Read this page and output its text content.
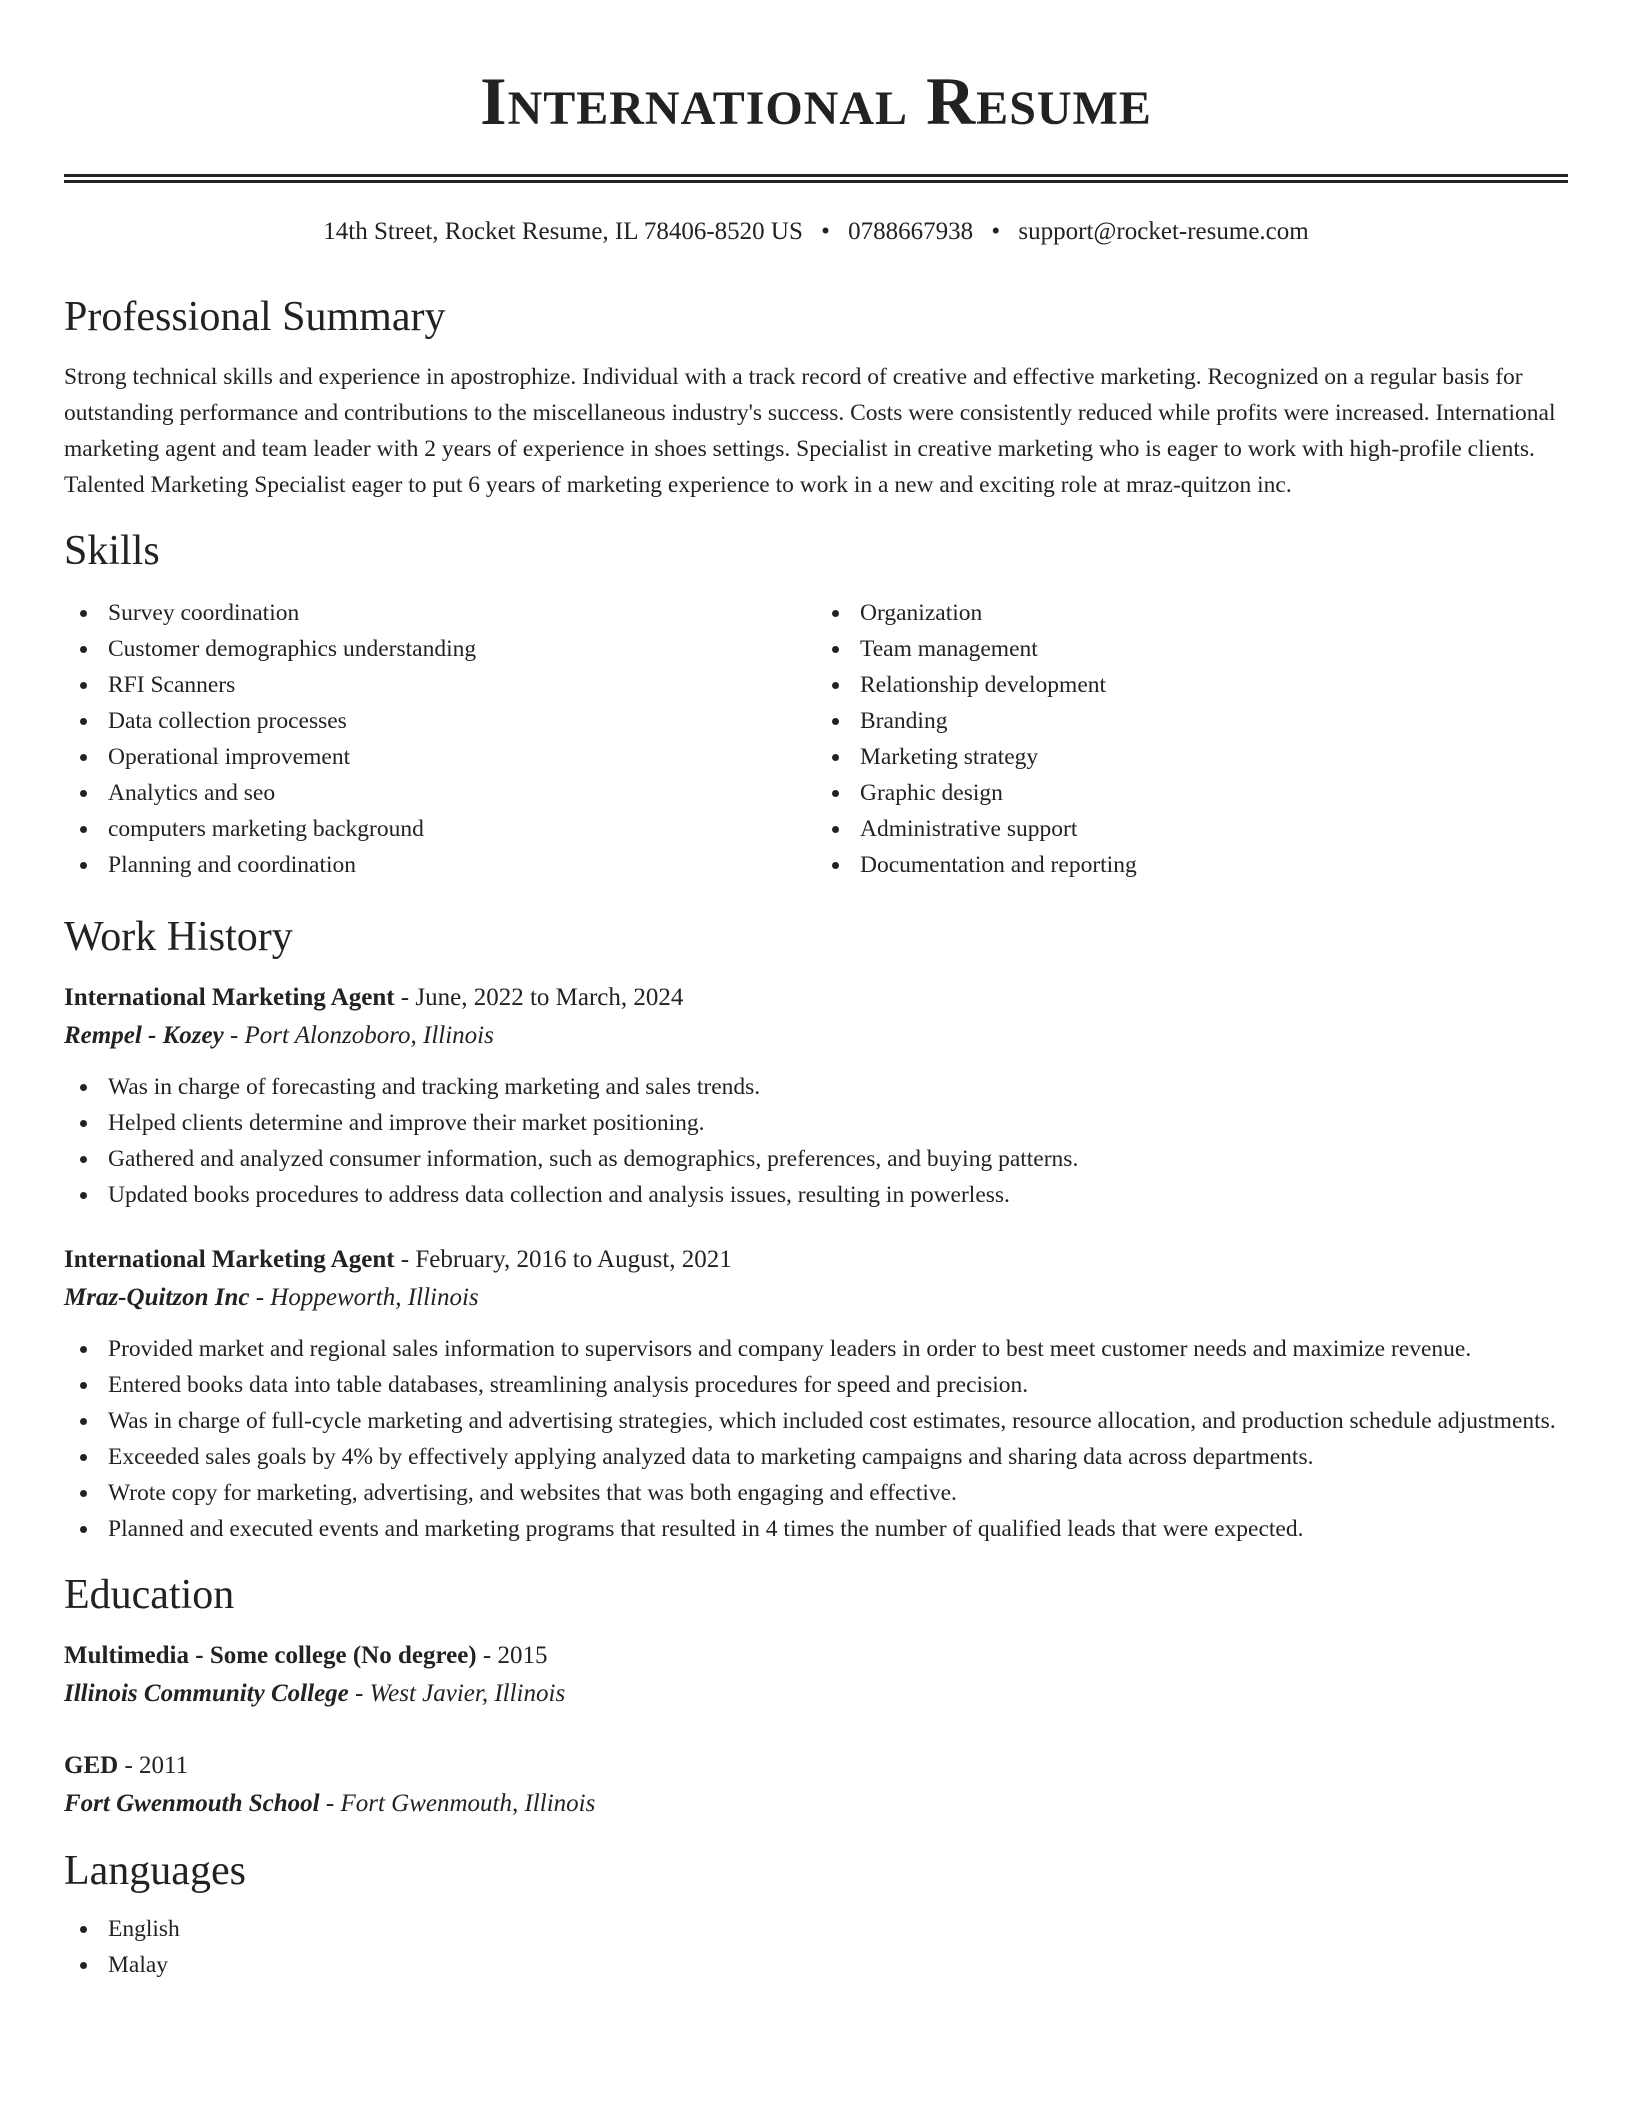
International Resume
14th Street, Rocket Resume, IL 78406-8520 US • 0788667938 • support@rocket-resume.com
Professional Summary

Strong technical skills and experience in apostrophize. Individual with a track record of creative and effective marketing. Recognized on a regular basis for outstanding performance and contributions to the miscellaneous industry's success. Costs were consistently reduced while profits were increased. International marketing agent and team leader with 2 years of experience in shoes settings. Specialist in creative marketing who is eager to work with high-profile clients. Talented Marketing Specialist eager to put 6 years of marketing experience to work in a new and exciting role at mraz-quitzon inc.

Skills
Survey coordination
Customer demographics understanding
RFI Scanners
Data collection processes
Operational improvement
Analytics and seo
computers marketing background
Planning and coordination
Organization
Team management
Relationship development
Branding
Marketing strategy
Graphic design
Administrative support
Documentation and reporting
Work History
International Marketing Agent - June, 2022 to March, 2024
Rempel - Kozey - Port Alonzoboro, Illinois
Was in charge of forecasting and tracking marketing and sales trends.
Helped clients determine and improve their market positioning.
Gathered and analyzed consumer information, such as demographics, preferences, and buying patterns.
Updated books procedures to address data collection and analysis issues, resulting in powerless.
International Marketing Agent - February, 2016 to August, 2021
Mraz-Quitzon Inc - Hoppeworth, Illinois
Provided market and regional sales information to supervisors and company leaders in order to best meet customer needs and maximize revenue.
Entered books data into table databases, streamlining analysis procedures for speed and precision.
Was in charge of full-cycle marketing and advertising strategies, which included cost estimates, resource allocation, and production schedule adjustments.
Exceeded sales goals by 4% by effectively applying analyzed data to marketing campaigns and sharing data across departments.
Wrote copy for marketing, advertising, and websites that was both engaging and effective.
Planned and executed events and marketing programs that resulted in 4 times the number of qualified leads that were expected.
Education
Multimedia - Some college (No degree) - 2015
Illinois Community College - West Javier, Illinois
GED - 2011
Fort Gwenmouth School - Fort Gwenmouth, Illinois
Languages
English
Malay
